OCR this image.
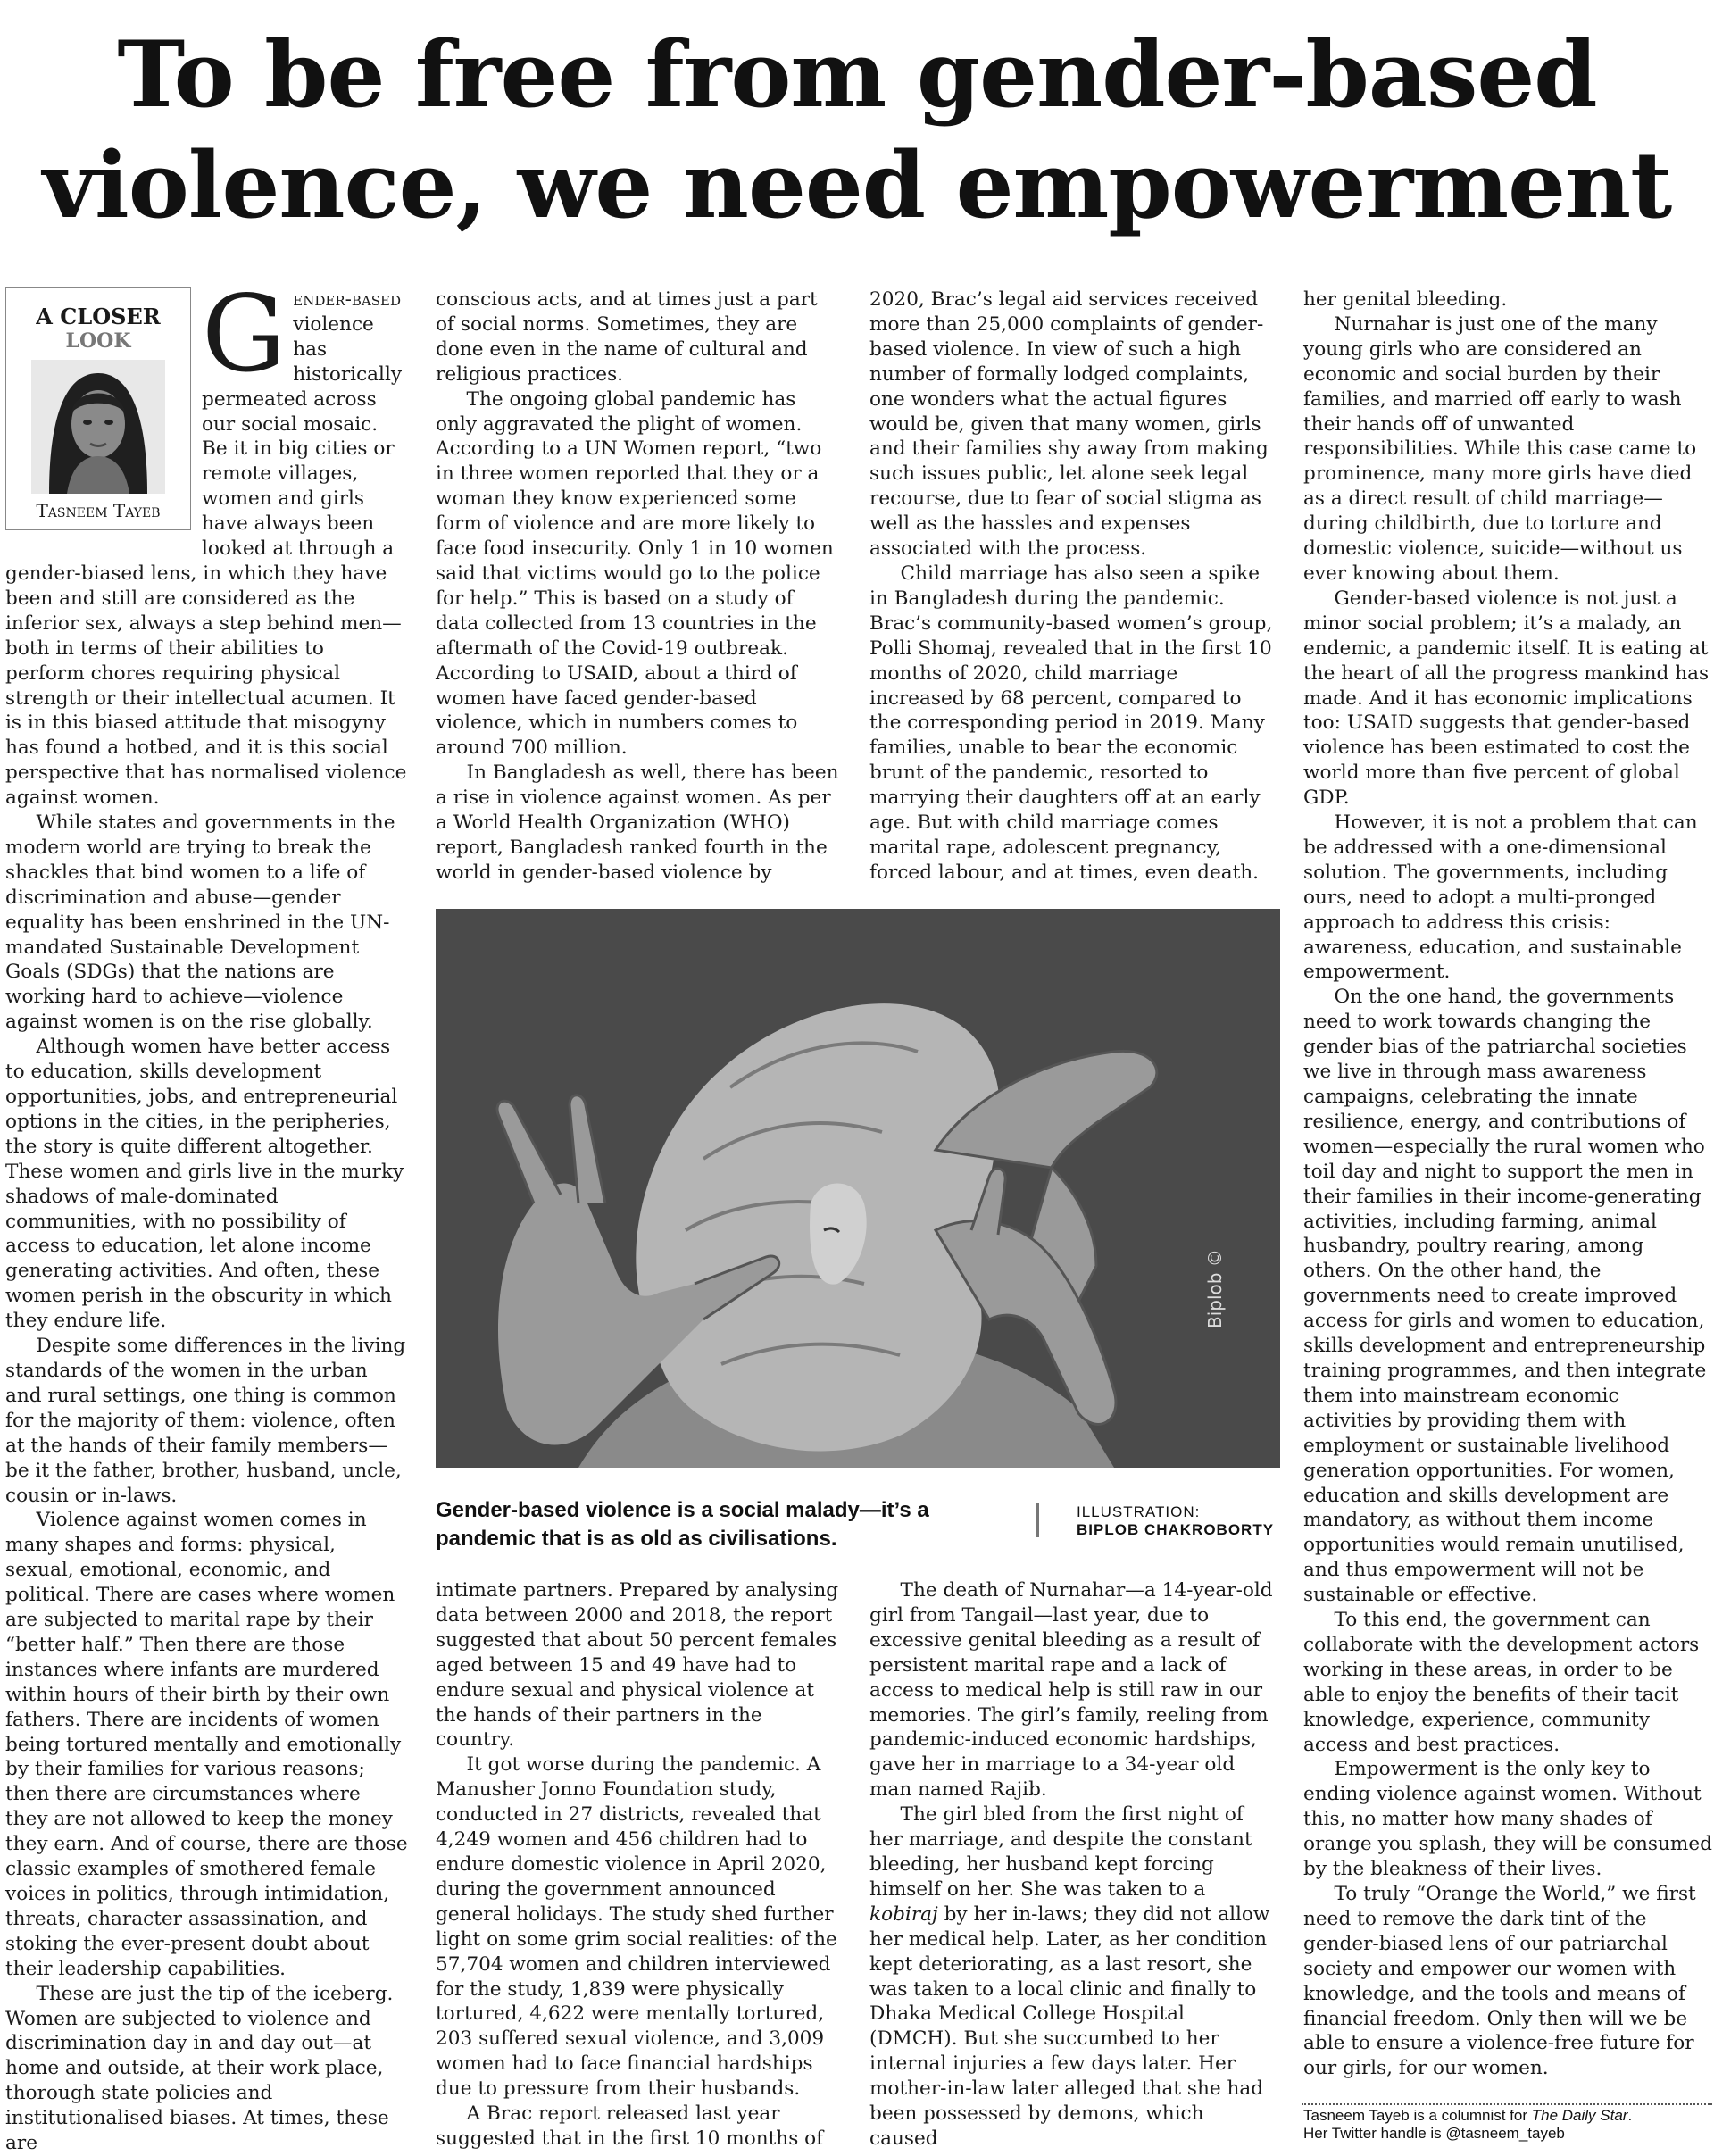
To be free from gender-based
violence, we need empowerment
A CLOSER
LOOK
Tasneem Tayeb
G ender-based violence has historically permeated across our social mosaic. Be it in big cities or remote villages, women and girls have always been looked at through a gender-biased lens, in which they have been and still are considered as the inferior sex, always a step behind men—both in terms of their abilities to perform chores requiring physical strength or their intellectual acumen. It is in this biased attitude that misogyny has found a hotbed, and it is this social perspective that has normalised violence against women.

While states and governments in the modern world are trying to break the shackles that bind women to a life of discrimination and abuse—gender equality has been enshrined in the UN-mandated Sustainable Development Goals (SDGs) that the nations are working hard to achieve—violence against women is on the rise globally.

Although women have better access to education, skills development opportunities, jobs, and entrepreneurial options in the cities, in the peripheries, the story is quite different altogether. These women and girls live in the murky shadows of male-dominated communities, with no possibility of access to education, let alone income generating activities. And often, these women perish in the obscurity in which they endure life.

Despite some differences in the living standards of the women in the urban and rural settings, one thing is common for the majority of them: violence, often at the hands of their family members—be it the father, brother, husband, uncle, cousin or in-laws.

Violence against women comes in many shapes and forms: physical, sexual, emotional, economic, and political. There are cases where women are subjected to marital rape by their “better half.” Then there are those instances where infants are murdered within hours of their birth by their own fathers. There are incidents of women being tortured mentally and emotionally by their families for various reasons; then there are circumstances where they are not allowed to keep the money they earn. And of course, there are those classic examples of smothered female voices in politics, through intimidation, threats, character assassination, and stoking the ever-present doubt about their leadership capabilities.

These are just the tip of the iceberg. Women are subjected to violence and discrimination day in and day out—at home and outside, at their work place, thorough state policies and institutionalised biases. At times, these are

conscious acts, and at times just a part of social norms. Sometimes, they are done even in the name of cultural and religious practices.

The ongoing global pandemic has only aggravated the plight of women. According to a UN Women report, “two in three women reported that they or a woman they know experienced some form of violence and are more likely to face food insecurity. Only 1 in 10 women said that victims would go to the police for help.” This is based on a study of data collected from 13 countries in the aftermath of the Covid-19 outbreak. According to USAID, about a third of women have faced gender-based violence, which in numbers comes to around 700 million.

In Bangladesh as well, there has been a rise in violence against women. As per a World Health Organization (WHO) report, Bangladesh ranked fourth in the world in gender-based violence by

2020, Brac’s legal aid services received more than 25,000 complaints of gender-based violence. In view of such a high number of formally lodged complaints, one wonders what the actual figures would be, given that many women, girls and their families shy away from making such issues public, let alone seek legal recourse, due to fear of social stigma as well as the hassles and expenses associated with the process.

Child marriage has also seen a spike in Bangladesh during the pandemic. Brac’s community-based women’s group, Polli Shomaj, revealed that in the first 10 months of 2020, child marriage increased by 68 percent, compared to the corresponding period in 2019. Many families, unable to bear the economic brunt of the pandemic, resorted to marrying their daughters off at an early age. But with child marriage comes marital rape, adolescent pregnancy, forced labour, and at times, even death.

Biplob ©
Gender-based violence is a social malady—it’s a pandemic that is as old as civilisations.
ILLUSTRATION:
BIPLOB CHAKROBORTY

intimate partners. Prepared by analysing data between 2000 and 2018, the report suggested that about 50 percent females aged between 15 and 49 have had to endure sexual and physical violence at the hands of their partners in the country.

It got worse during the pandemic. A Manusher Jonno Foundation study, conducted in 27 districts, revealed that 4,249 women and 456 children had to endure domestic violence in April 2020, during the government announced general holidays. The study shed further light on some grim social realities: of the 57,704 women and children interviewed for the study, 1,839 were physically tortured, 4,622 were mentally tortured, 203 suffered sexual violence, and 3,009 women had to face financial hardships due to pressure from their husbands.

A Brac report released last year suggested that in the first 10 months of

The death of Nurnahar—a 14-year-old girl from Tangail—last year, due to excessive genital bleeding as a result of persistent marital rape and a lack of access to medical help is still raw in our memories. The girl’s family, reeling from pandemic-induced economic hardships, gave her in marriage to a 34-year old man named Rajib.

The girl bled from the first night of her marriage, and despite the constant bleeding, her husband kept forcing himself on her. She was taken to a kobiraj by her in-laws; they did not allow her medical help. Later, as her condition kept deteriorating, as a last resort, she was taken to a local clinic and finally to Dhaka Medical College Hospital (DMCH). But she succumbed to her internal injuries a few days later. Her mother-in-law later alleged that she had been possessed by demons, which caused

her genital bleeding.

Nurnahar is just one of the many young girls who are considered an economic and social burden by their families, and married off early to wash their hands off of unwanted responsibilities. While this case came to prominence, many more girls have died as a direct result of child marriage—during childbirth, due to torture and domestic violence, suicide—without us ever knowing about them.

Gender-based violence is not just a minor social problem; it’s a malady, an endemic, a pandemic itself. It is eating at the heart of all the progress mankind has made. And it has economic implications too: USAID suggests that gender-based violence has been estimated to cost the world more than five percent of global GDP.

However, it is not a problem that can be addressed with a one-dimensional solution. The governments, including ours, need to adopt a multi-pronged approach to address this crisis: awareness, education, and sustainable empowerment.

On the one hand, the governments need to work towards changing the gender bias of the patriarchal societies we live in through mass awareness campaigns, celebrating the innate resilience, energy, and contributions of women—especially the rural women who toil day and night to support the men in their families in their income-generating activities, including farming, animal husbandry, poultry rearing, among others. On the other hand, the governments need to create improved access for girls and women to education, skills development and entrepreneurship training programmes, and then integrate them into mainstream economic activities by providing them with employment or sustainable livelihood generation opportunities. For women, education and skills development are mandatory, as without them income opportunities would remain unutilised, and thus empowerment will not be sustainable or effective.

To this end, the government can collaborate with the development actors working in these areas, in order to be able to enjoy the benefits of their tacit knowledge, experience, community access and best practices.

Empowerment is the only key to ending violence against women. Without this, no matter how many shades of orange you splash, they will be consumed by the bleakness of their lives.

To truly “Orange the World,” we first need to remove the dark tint of the gender-biased lens of our patriarchal society and empower our women with knowledge, and the tools and means of financial freedom. Only then will we be able to ensure a violence-free future for our girls, for our women.

Tasneem Tayeb is a columnist for The Daily Star.
Her Twitter handle is @tasneem_tayeb
